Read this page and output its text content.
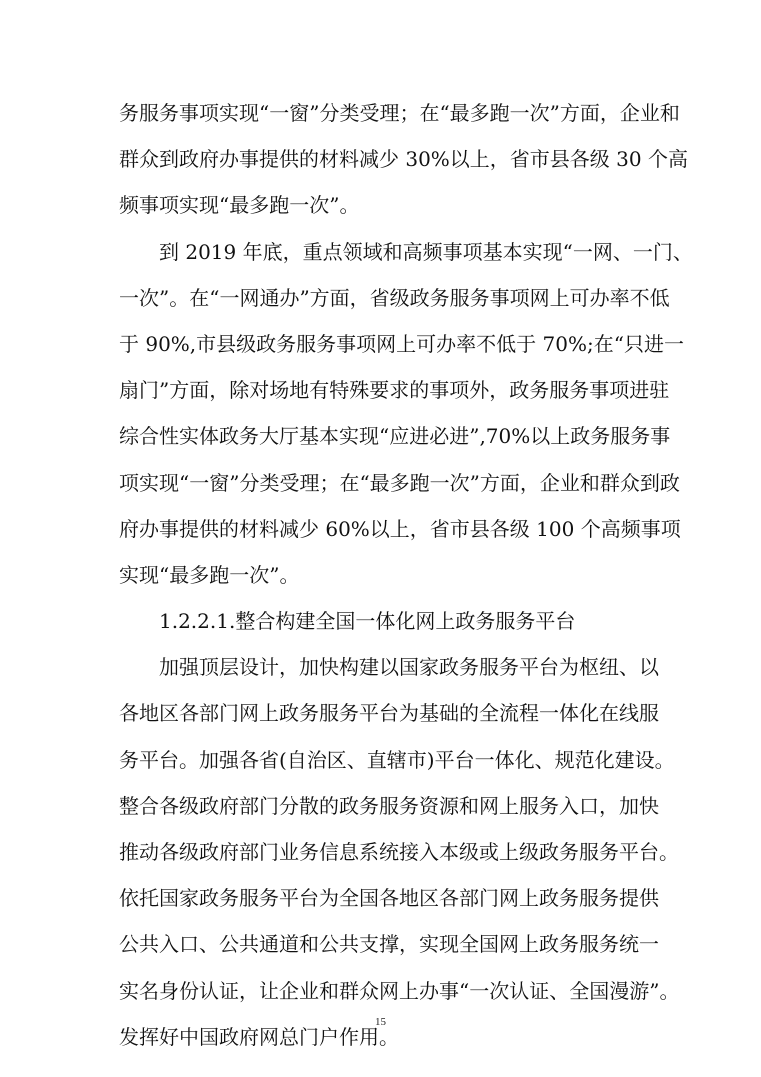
务服务事项实现“一窗”分类受理；在“最多跑一次”方面，企业和
群众到政府办事提供的材料减少 30%以上，省市县各级 30 个高
频事项实现“最多跑一次”。
到 2019 年底，重点领域和高频事项基本实现“一网、一门、
一次”。在“一网通办”方面，省级政务服务事项网上可办率不低
于 90%,市县级政务服务事项网上可办率不低于 70%;在“只进一
扇门”方面，除对场地有特殊要求的事项外，政务服务事项进驻
综合性实体政务大厅基本实现“应进必进”,70%以上政务服务事
项实现“一窗”分类受理；在“最多跑一次”方面，企业和群众到政
府办事提供的材料减少 60%以上，省市县各级 100 个高频事项
实现“最多跑一次”。
1.2.2.1.整合构建全国一体化网上政务服务平台
加强顶层设计，加快构建以国家政务服务平台为枢纽、以
各地区各部门网上政务服务平台为基础的全流程一体化在线服
务平台。加强各省(自治区、直辖市)平台一体化、规范化建设。
整合各级政府部门分散的政务服务资源和网上服务入口，加快
推动各级政府部门业务信息系统接入本级或上级政务服务平台。
依托国家政务服务平台为全国各地区各部门网上政务服务提供
公共入口、公共通道和公共支撑，实现全国网上政务服务统一
实名身份认证，让企业和群众网上办事“一次认证、全国漫游”。
发挥好中国政府网总门户作用。
15
